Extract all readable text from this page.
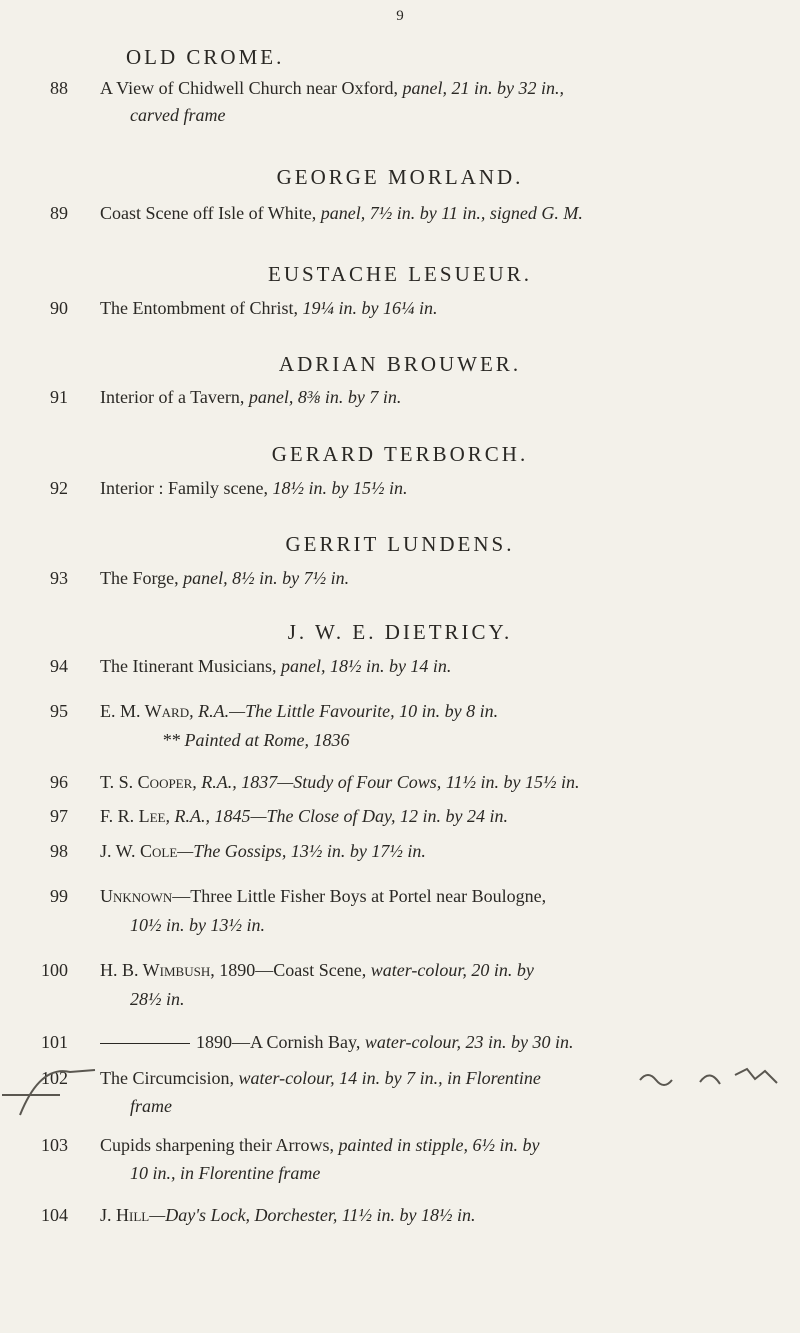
9
OLD CROME.
88 A View of Chidwell Church near Oxford, panel, 21 in. by 32 in.,
carved frame
GEORGE MORLAND.
89 Coast Scene off Isle of White, panel, 7½ in. by 11 in., signed G. M.
EUSTACHE LESUEUR.
90 The Entombment of Christ, 19¼ in. by 16¼ in.
ADRIAN BROUWER.
91 Interior of a Tavern, panel, 8⅜ in. by 7 in.
GERARD TERBORCH.
92 Interior : Family scene, 18½ in. by 15½ in.
GERRIT LUNDENS.
93 The Forge, panel, 8½ in. by 7½ in.
J. W. E. DIETRICY.
94 The Itinerant Musicians, panel, 18½ in. by 14 in.
95 E. M. Ward, R.A.—The Little Favourite, 10 in. by 8 in.
** Painted at Rome, 1836
96 T. S. Cooper, R.A., 1837—Study of Four Cows, 11½ in. by 15½ in.
97 F. R. Lee, R.A., 1845—The Close of Day, 12 in. by 24 in.
98 J. W. Cole—The Gossips, 13½ in. by 17½ in.
99 Unknown—Three Little Fisher Boys at Portel near Boulogne,
10½ in. by 13½ in.
100 H. B. Wimbush, 1890—Coast Scene, water-colour, 20 in. by
28½ in.
101	1890—A Cornish Bay, water-colour, 23 in. by 30 in.
102 The Circumcision, water-colour, 14 in. by 7 in., in Florentine
frame
103 Cupids sharpening their Arrows, painted in stipple, 6½ in. by
10 in., in Florentine frame
104 J. Hill—Day's Lock, Dorchester, 11½ in. by 18½ in.
